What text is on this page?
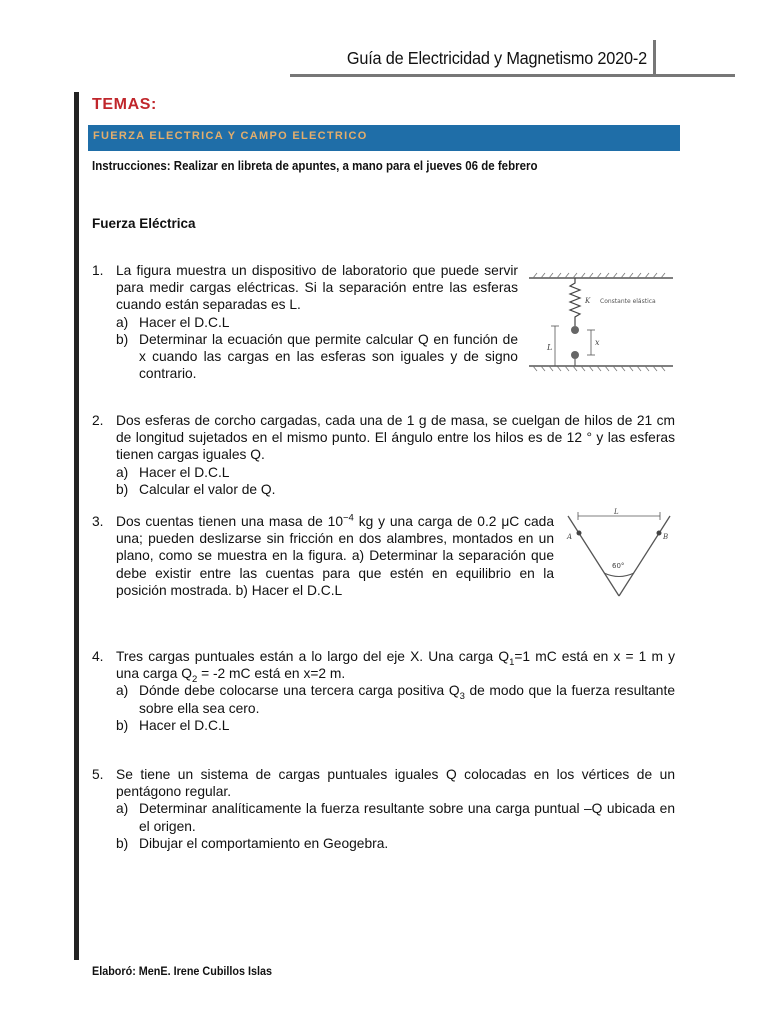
Guía de Electricidad y Magnetismo 2020-2
TEMAS:
FUERZA ELECTRICA Y CAMPO ELECTRICO
Instrucciones: Realizar en libreta de apuntes, a mano para el jueves 06 de febrero
Fuerza Eléctrica
1. La figura muestra un dispositivo de laboratorio que puede servir para medir cargas eléctricas. Si la separación entre las esferas cuando están separadas es L.
a) Hacer el D.C.L
b) Determinar la ecuación que permite calcular Q en función de x cuando las cargas en las esferas son iguales y de signo contrario.
L
x
K Constante elástica
2. Dos esferas de corcho cargadas, cada una de 1 g de masa, se cuelgan de hilos de 21 cm de longitud sujetados en el mismo punto. El ángulo entre los hilos es de 12 ° y las esferas tienen cargas iguales Q.
a) Hacer el D.C.L
b) Calcular el valor de Q.
3. Dos cuentas tienen una masa de $10^{-4}$ kg y una carga de 0.2 μC cada una; pueden deslizarse sin fricción en dos alambres, montados en un plano, como se muestra en la figura. a) Determinar la separación que debe existir entre las cuentas para que estén en equilibrio en la posición mostrada. b) Hacer el D.C.L
L
A	B
60°
4. Tres cargas puntuales están a lo largo del eje X. Una carga $Q_1=1$ mC está en x = 1 m y una carga $Q_2 = -2$ mC está en x=2 m.
a) Dónde debe colocarse una tercera carga positiva $Q_3$ de modo que la fuerza resultante sobre ella sea cero.
b) Hacer el D.C.L
5. Se tiene un sistema de cargas puntuales iguales Q colocadas en los vértices de un pentágono regular.
a) Determinar analíticamente la fuerza resultante sobre una carga puntual –Q ubicada en el origen.
b) Dibujar el comportamiento en Geogebra.
Elaboró: MenE. Irene Cubillos Islas
